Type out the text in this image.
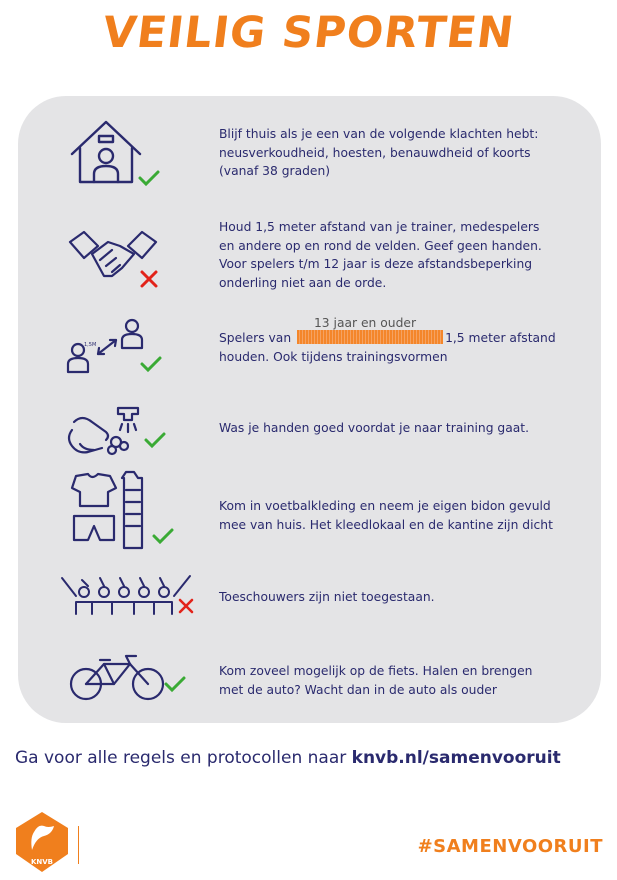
VEILIG SPORTEN
Blijf thuis als je een van de volgende klachten hebt:
neusverkoudheid, hoesten, benauwdheid of koorts
(vanaf 38 graden)
Houd 1,5 meter afstand van je trainer, medespelers
en andere op en rond de velden. Geef geen handen.
Voor spelers t/m 12 jaar is deze afstandsbeperking
onderling niet aan de orde.
1,5M	Spelers van	1,5 meter afstand
houden. Ook tijdens trainingsvormen
Was je handen goed voordat je naar training gaat.
Kom in voetbalkleding en neem je eigen bidon gevuld
mee van huis. Het kleedlokaal en de kantine zijn dicht
Toeschouwers zijn niet toegestaan.
Kom zoveel mogelijk op de fiets. Halen en brengen
met de auto? Wacht dan in de auto als ouder
13 jaar en ouder
Ga voor alle regels en protocollen naar knvb.nl/samenvooruit
KNVB
#SAMENVOORUIT
